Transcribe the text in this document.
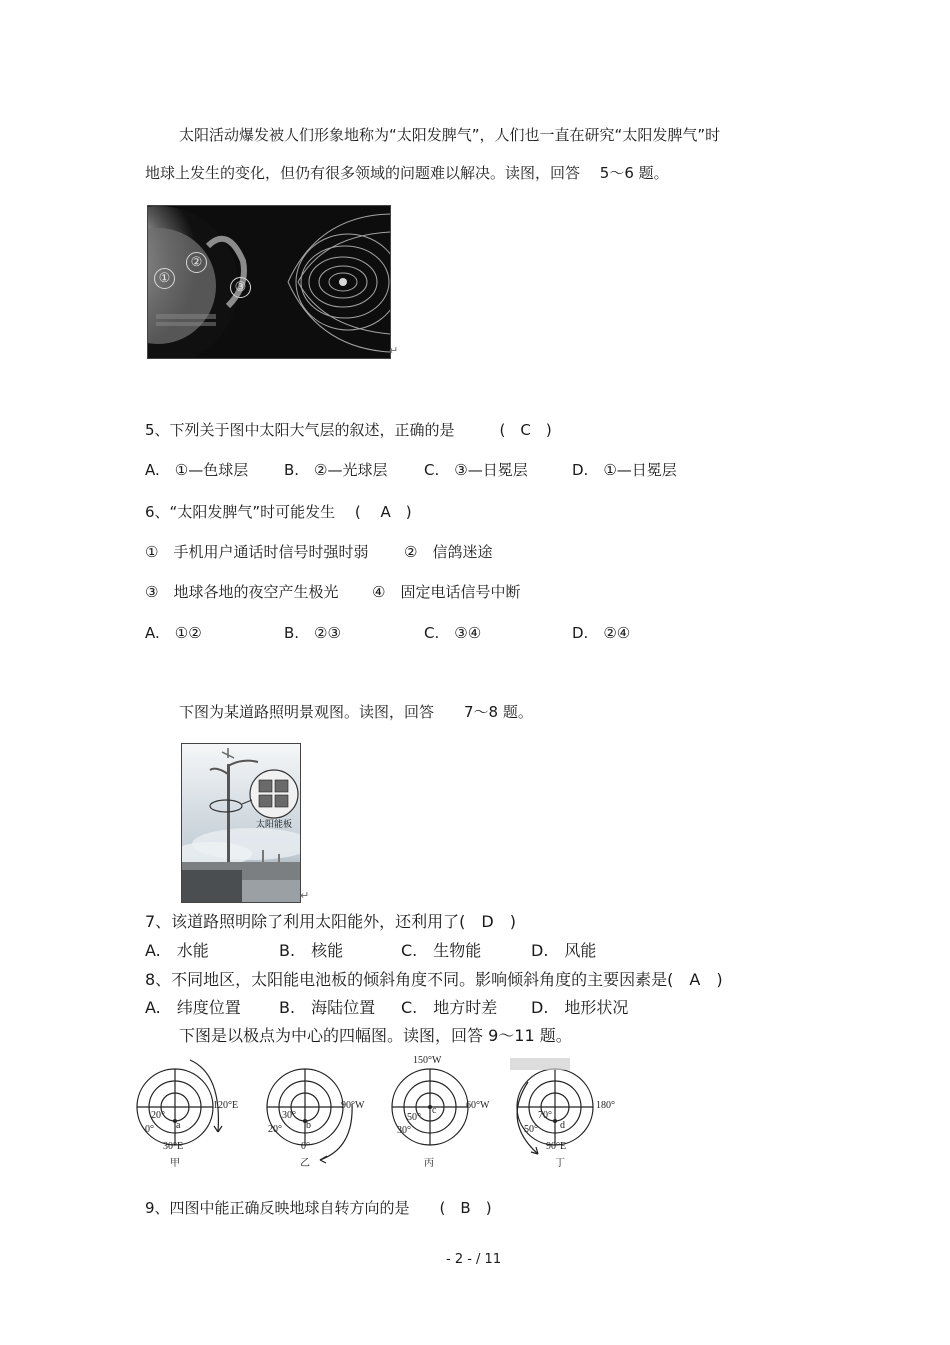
太阳活动爆发被人们形象地称为“太阳发脾气”，人们也一直在研究“太阳发脾气”时
地球上发生的变化，但仍有很多领域的问题难以解决。读图，回答　 5～6 题。
①
②
③
↵
5、下列关于图中太阳大气层的叙述，正确的是　　　(　C　)
A.　①—色球层 B.　②—光球层 C.　③—日冕层	D.　①—日冕层
6、“太阳发脾气”时可能发生　 (　 A　)
①　手机用户通话时信号时强时弱 ②　信鸽迷途
③　地球各地的夜空产生极光 ④　固定电话信号中断
A.　①②	B.　②③	C.　③④	D.　②④
下图为某道路照明景观图。读图，回答　　7～8 题。
太阳能板
↵
7、该道路照明除了利用太阳能外，还利用了(　D　)
A.　水能	B.　核能	C.　生物能	D.　风能
8、不同地区，太阳能电池板的倾斜角度不同。影响倾斜角度的主要因素是(　A　)
A.　纬度位置 B.　海陆位置 C.　地方时差 D.　地形状况
下图是以极点为中心的四幅图。读图，回答 9～11 题。
120°E
30°E
20°
0° a
甲
90°W
0°
30°
20° b
乙
150°W
60°W
50°
30°
c
丙
180°
90°E
70°
50° d
丁
9、四图中能正确反映地球自转方向的是　　(　B　)
- 2 - / 11
